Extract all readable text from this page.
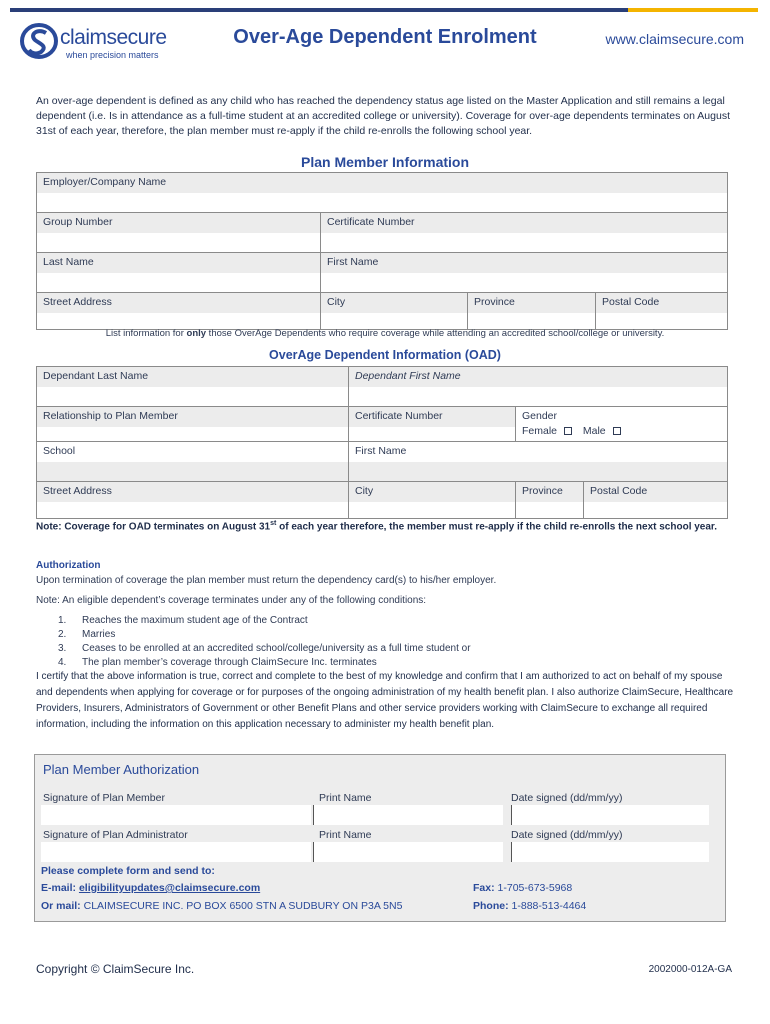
claimsecure
when precision matters
Over-Age Dependent Enrolment	www.claimsecure.com

An over-age dependent is defined as any child who has reached the dependency status age listed on the Master Application and still remains a legal dependent (i.e. Is in attendance as a full-time student at an accredited college or university). Coverage for over-age dependents terminates on August 31st of each year, therefore, the plan member must re-apply if the child re-enrolls the following school year.

Plan Member Information
Employer/Company Name			

Group Number	Certificate Number		

Last Name	First Name		

Street Address	City	Province	Postal Code
List information for only those OverAge Dependents who require coverage while attending an accredited school/college or university.
OverAge Dependent Information (OAD)
Dependant Last Name	Dependant First Name		

Relationship to Plan Member	Certificate Number	Gender
Female Male	

School	First Name		

Street Address	City	Province	Postal Code
Note: Coverage for OAD terminates on August 31st of each year therefore, the member must re-apply if the child re-enrolls the next school year.
Authorization
Upon termination of coverage the plan member must return the dependency card(s) to his/her employer.
Note: An eligible dependent’s coverage terminates under any of the following conditions:
1. Reaches the maximum student age of the Contract
2. Marries
3. Ceases to be enrolled at an accredited school/college/university as a full time student or
4. The plan member’s coverage through ClaimSecure Inc. terminates

I certify that the above information is true, correct and complete to the best of my knowledge and confirm that I am authorized to act on behalf of my spouse and dependents when applying for coverage or for purposes of the ongoing administration of my health benefit plan. I also authorize ClaimSecure, Healthcare Providers, Insurers, Administrators of Government or other Benefit Plans and other service providers working with ClaimSecure to exchange all required information, including the information on this application necessary to administer my health benefit plan.

Plan Member Authorization
Signature of Plan Member	Print Name	Date signed (dd/mm/yy)
Signature of Plan Administrator	Print Name	Date signed (dd/mm/yy)
Please complete form and send to:
E-mail: eligibilityupdates@claimsecure.com
Or mail: CLAIMSECURE INC. PO BOX 6500 STN A SUDBURY ON P3A 5N5
Fax: 1-705-673-5968
Phone: 1-888-513-4464
Copyright © ClaimSecure Inc.	2002000-012A-GA
